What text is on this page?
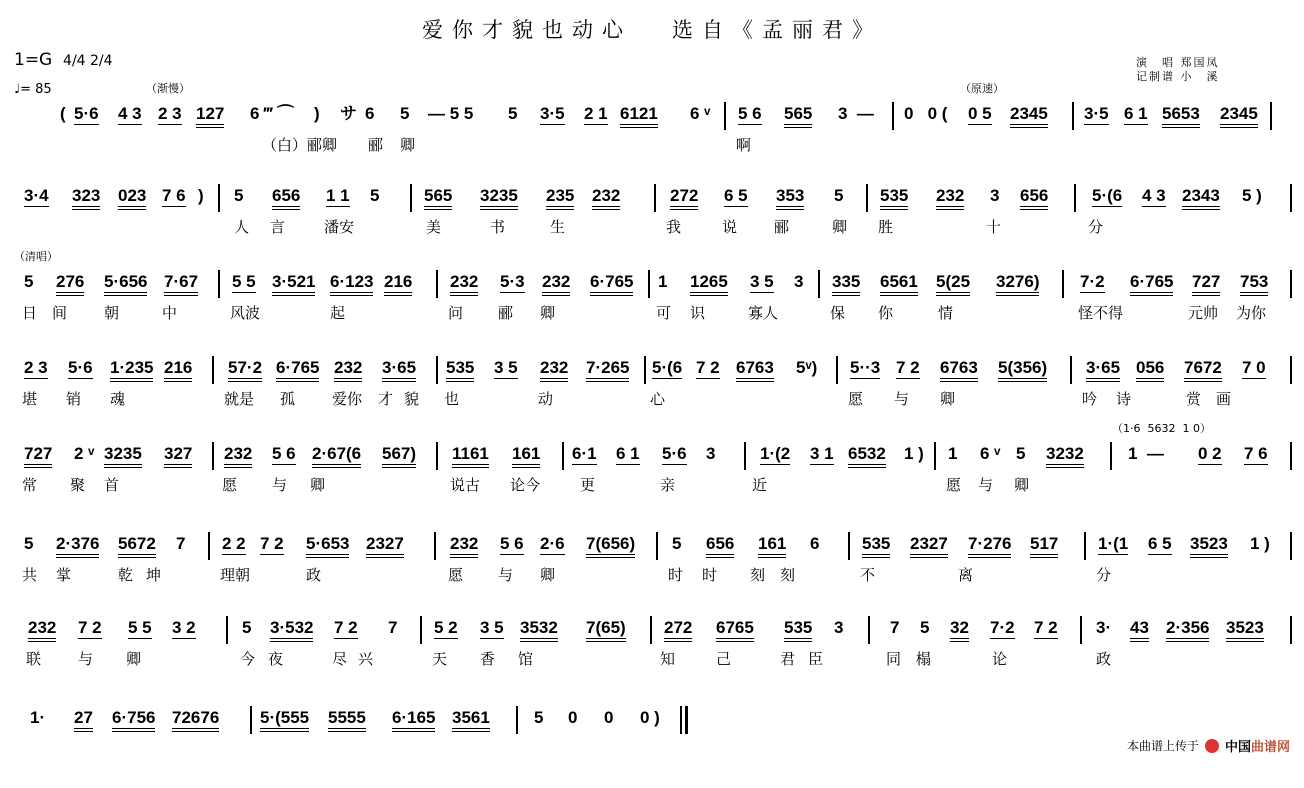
爱你才貌也动心 选自《孟丽君》
1=G 4/4 2/4
♩= 85
演　唱 郑国凤
记制谱 小　溪
（渐慢）	（原速）
( 5·6 4 3 2 3 127 6 ‴ ⌒ ) サ 6 5 — 5 5 5 3·5 2 1 6121 6 ᵛ 5 6 565 3  — 0   0 ( 0 5 2345 3·5 6 1 5653 2345
（白）郦卿 郦 卿	啊
3·4 323 023 7 6 ) 5 656 1 1 5	565 3235 235 232	272 6 5 353 5 535 232 3 656	5·(6 4 3 2343 5 )
人 言	潘安	美	书	生	我	说 郦	卿 胜	十	分
（清唱）
5 276 5·656 7·67 5 5 3·521 6·123 216 232 5·3 232 6·765 1 1265 3 5 3 335 6561 5(25 3276) 7·2 6·765 727 753
日 间 朝	中	风波	起	问 郦 卿	可 识	寡人	保 你	情	怪不得	元帅 为你
2 3 5·6 1·235 216 57·2 6·765 232 3·65 535 3 5 232 7·265 5·(6 7 2 6763 5ᵛ) 5··3 7 2 6763 5(356) 3·65 056 7672 7 0
堪 销 魂	就是 孤 爱你 才 貌 也	动	心	愿 与 卿	吟 诗	赏 画
（1·6  5632  1 0）
727 2 ᵛ 3235 327 232 5 6 2·67(6 567) 1161 161 6·1 6 1 5·6 3	1·(2 3 1 6532 1 ) 1 6 ᵛ 5 3232	1  — 0 2 7 6
常 聚 首	愿 与 卿	说古 论今	更	亲	近	愿 与 卿
5 2·376 5672 7 2 2 7 2 5·653 2327	232 5 6 2·6 7(656) 5 656 161 6	535 2327 7·276 517 1·(1 6 5 3523 1 )
共 掌	乾 坤	理朝	政	愿 与 卿	时 时 刻 刻	不	离	分
232 7 2 5 5 3 2	5 3·532 7 2 7 5 2 3 5 3532 7(65) 272 6765 535 3	7 5 32 7·2 7 2 3· 43 2·356 3523
联 与 卿	今 夜	尽 兴	天 香 馆	知	己	君 臣	同 榻	论	政
1· 27 6·756 72676 5·(555 5555 6·165 3561	5 0 0 0 )
本曲谱上传于 中国曲谱网
